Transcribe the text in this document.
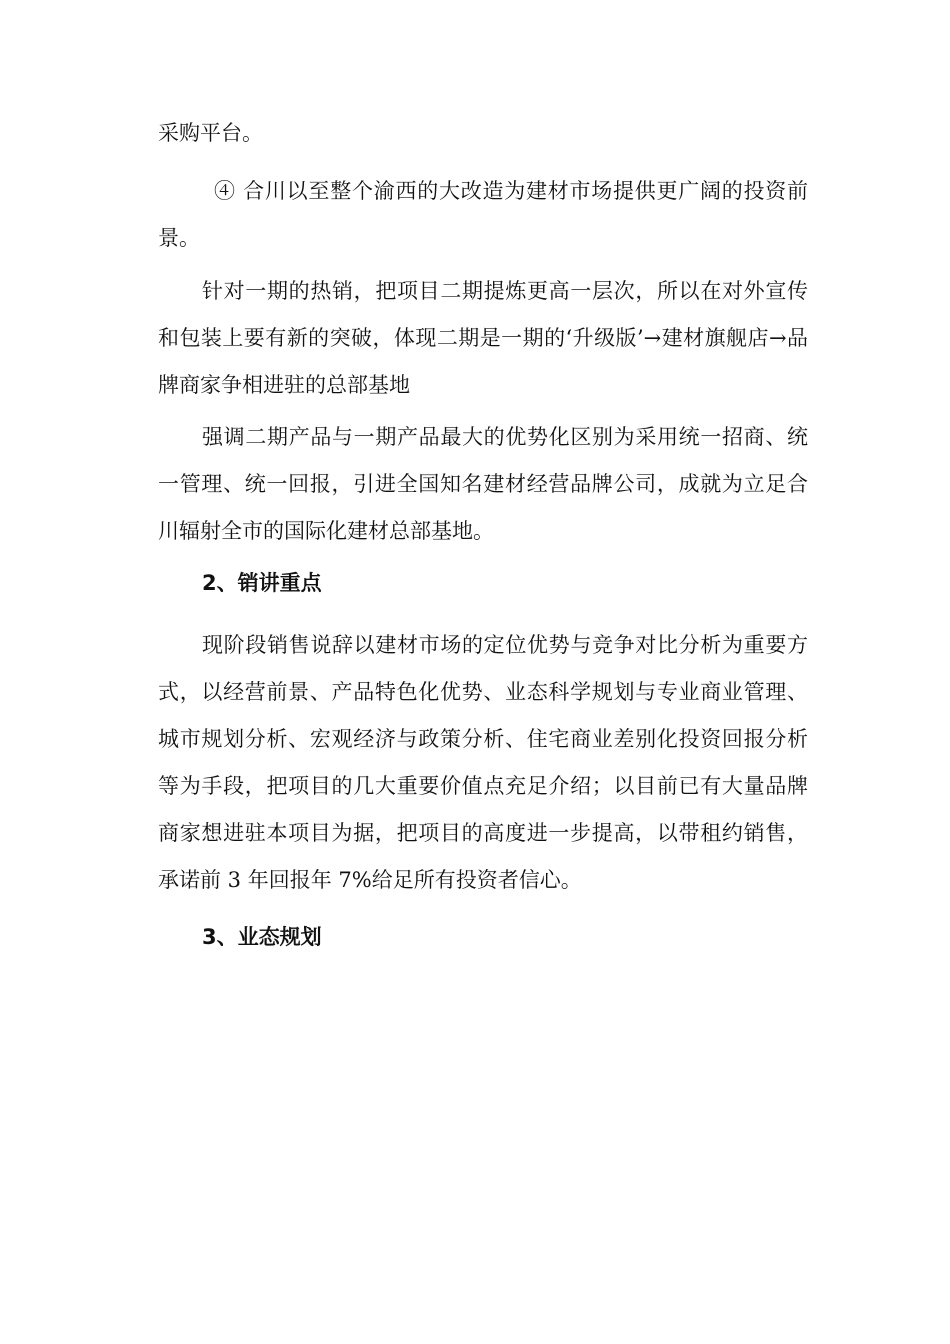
采购平台。

④ 合川以至整个渝西的大改造为建材市场提供更广阔的投资前景。

针对一期的热销，把项目二期提炼更高一层次，所以在对外宣传和包装上要有新的突破，体现二期是一期的‘升级版’→建材旗舰店→品牌商家争相进驻的总部基地

强调二期产品与一期产品最大的优势化区别为采用统一招商、统一管理、统一回报，引进全国知名建材经营品牌公司，成就为立足合川辐射全市的国际化建材总部基地。

2、销讲重点

现阶段销售说辞以建材市场的定位优势与竞争对比分析为重要方式，以经营前景、产品特色化优势、业态科学规划与专业商业管理、城市规划分析、宏观经济与政策分析、住宅商业差别化投资回报分析等为手段，把项目的几大重要价值点充足介绍；以目前已有大量品牌商家想进驻本项目为据，把项目的高度进一步提高，以带租约销售，承诺前 3 年回报年 7%给足所有投资者信心。

3、业态规划
